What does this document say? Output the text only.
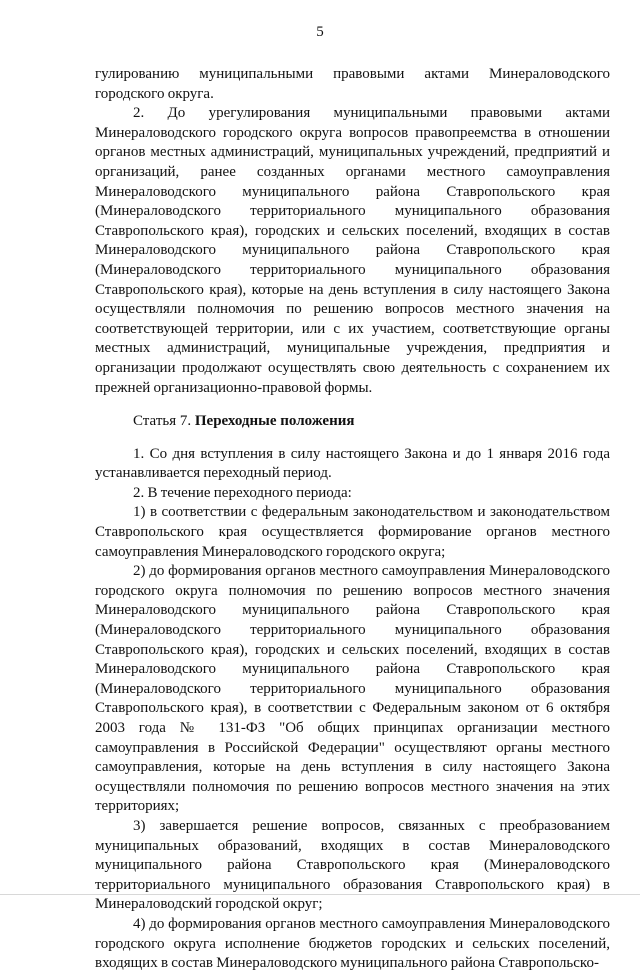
5

гулированию муниципальными правовыми актами Минераловодского городского округа.

2. До урегулирования муниципальными правовыми актами Минераловодского городского округа вопросов правопреемства в отношении органов местных администраций, муниципальных учреждений, предприятий и организаций, ранее созданных органами местного самоуправления Минераловодского муниципального района Ставропольского края (Минераловодского территориального муниципального образования Ставропольского края), городских и сельских поселений, входящих в состав Минераловодского муниципального района Ставропольского края (Минераловодского территориального муниципального образования Ставропольского края), которые на день вступления в силу настоящего Закона осуществляли полномочия по решению вопросов местного значения на соответствующей территории, или с их участием, соответствующие органы местных администраций, муниципальные учреждения, предприятия и организации продолжают осуществлять свою деятельность с сохранением их прежней организационно-правовой формы.

Статья 7. Переходные положения

1. Со дня вступления в силу настоящего Закона и до 1 января 2016 года устанавливается переходный период.

2. В течение переходного периода:

1) в соответствии с федеральным законодательством и законодательством Ставропольского края осуществляется формирование органов местного самоуправления Минераловодского городского округа;

2) до формирования органов местного самоуправления Минераловодского городского округа полномочия по решению вопросов местного значения Минераловодского муниципального района Ставропольского края (Минераловодского территориального муниципального образования Ставропольского края), городских и сельских поселений, входящих в состав Минераловодского муниципального района Ставропольского края (Минераловодского территориального муниципального образования Ставропольского края), в соответствии с Федеральным законом от 6 октября 2003 года № 131-ФЗ "Об общих принципах организации местного самоуправления в Российской Федерации" осуществляют органы местного самоуправления, которые на день вступления в силу настоящего Закона осуществляли полномочия по решению вопросов местного значения на этих территориях;

3) завершается решение вопросов, связанных с преобразованием муниципальных образований, входящих в состав Минераловодского муниципального района Ставропольского края (Минераловодского территориального муниципального образования Ставропольского края) в Минераловодский городской округ;

4) до формирования органов местного самоуправления Минераловодского городского округа исполнение бюджетов городских и сельских поселений, входящих в состав Минераловодского муниципального района Ставропольско-
